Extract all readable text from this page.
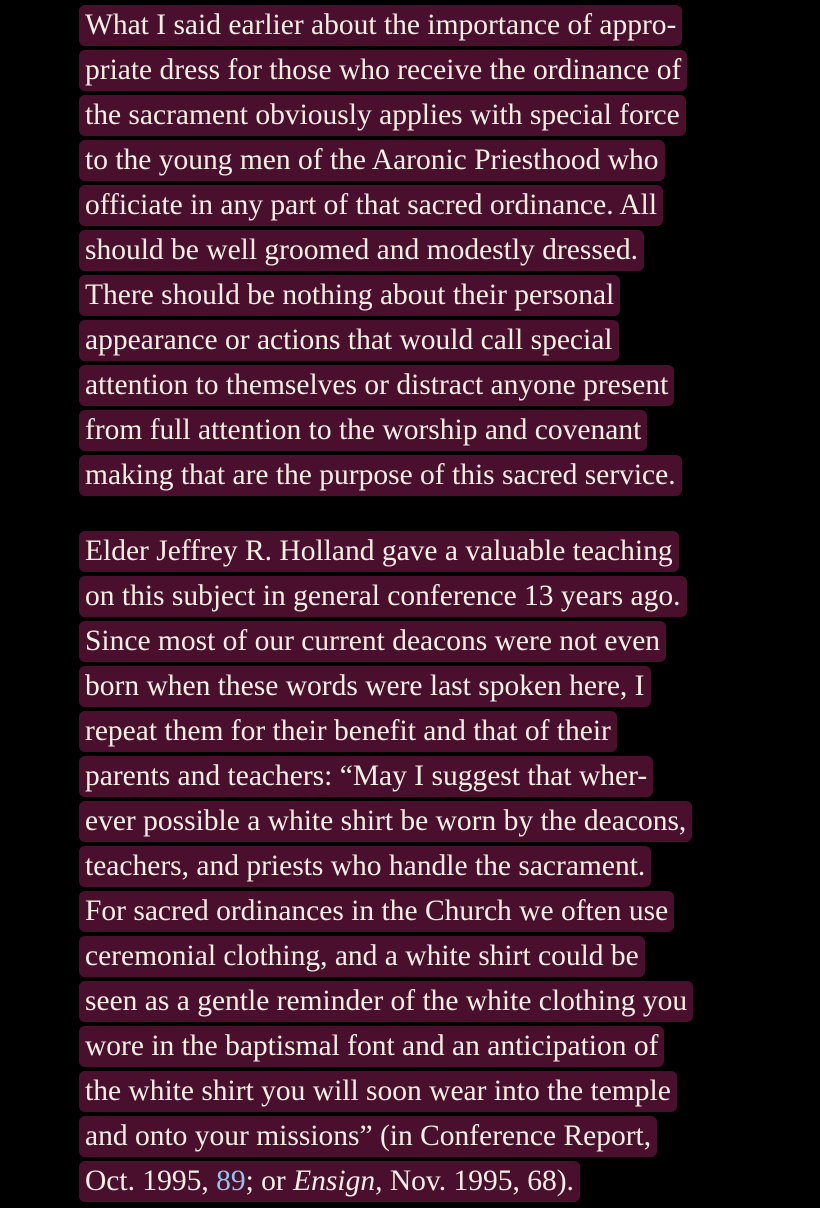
What I said earlier about the importance of appro-
priate dress for those who receive the ordinance of
the sacrament obviously applies with special force
to the young men of the Aaronic Priesthood who
officiate in any part of that sacred ordinance. All
should be well groomed and modestly dressed.
There should be nothing about their personal
appearance or actions that would call special
attention to themselves or distract anyone present
from full attention to the worship and covenant
making that are the purpose of this sacred service.
Elder Jeffrey R. Holland gave a valuable teaching
on this subject in general conference 13 years ago.
Since most of our current deacons were not even
born when these words were last spoken here, I
repeat them for their benefit and that of their
parents and teachers: “May I suggest that wher-
ever possible a white shirt be worn by the deacons,
teachers, and priests who handle the sacrament.
For sacred ordinances in the Church we often use
ceremonial clothing, and a white shirt could be
seen as a gentle reminder of the white clothing you
wore in the baptismal font and an anticipation of
the white shirt you will soon wear into the temple
and onto your missions” (in Conference Report,
Oct. 1995, 89; or Ensign, Nov. 1995, 68).
